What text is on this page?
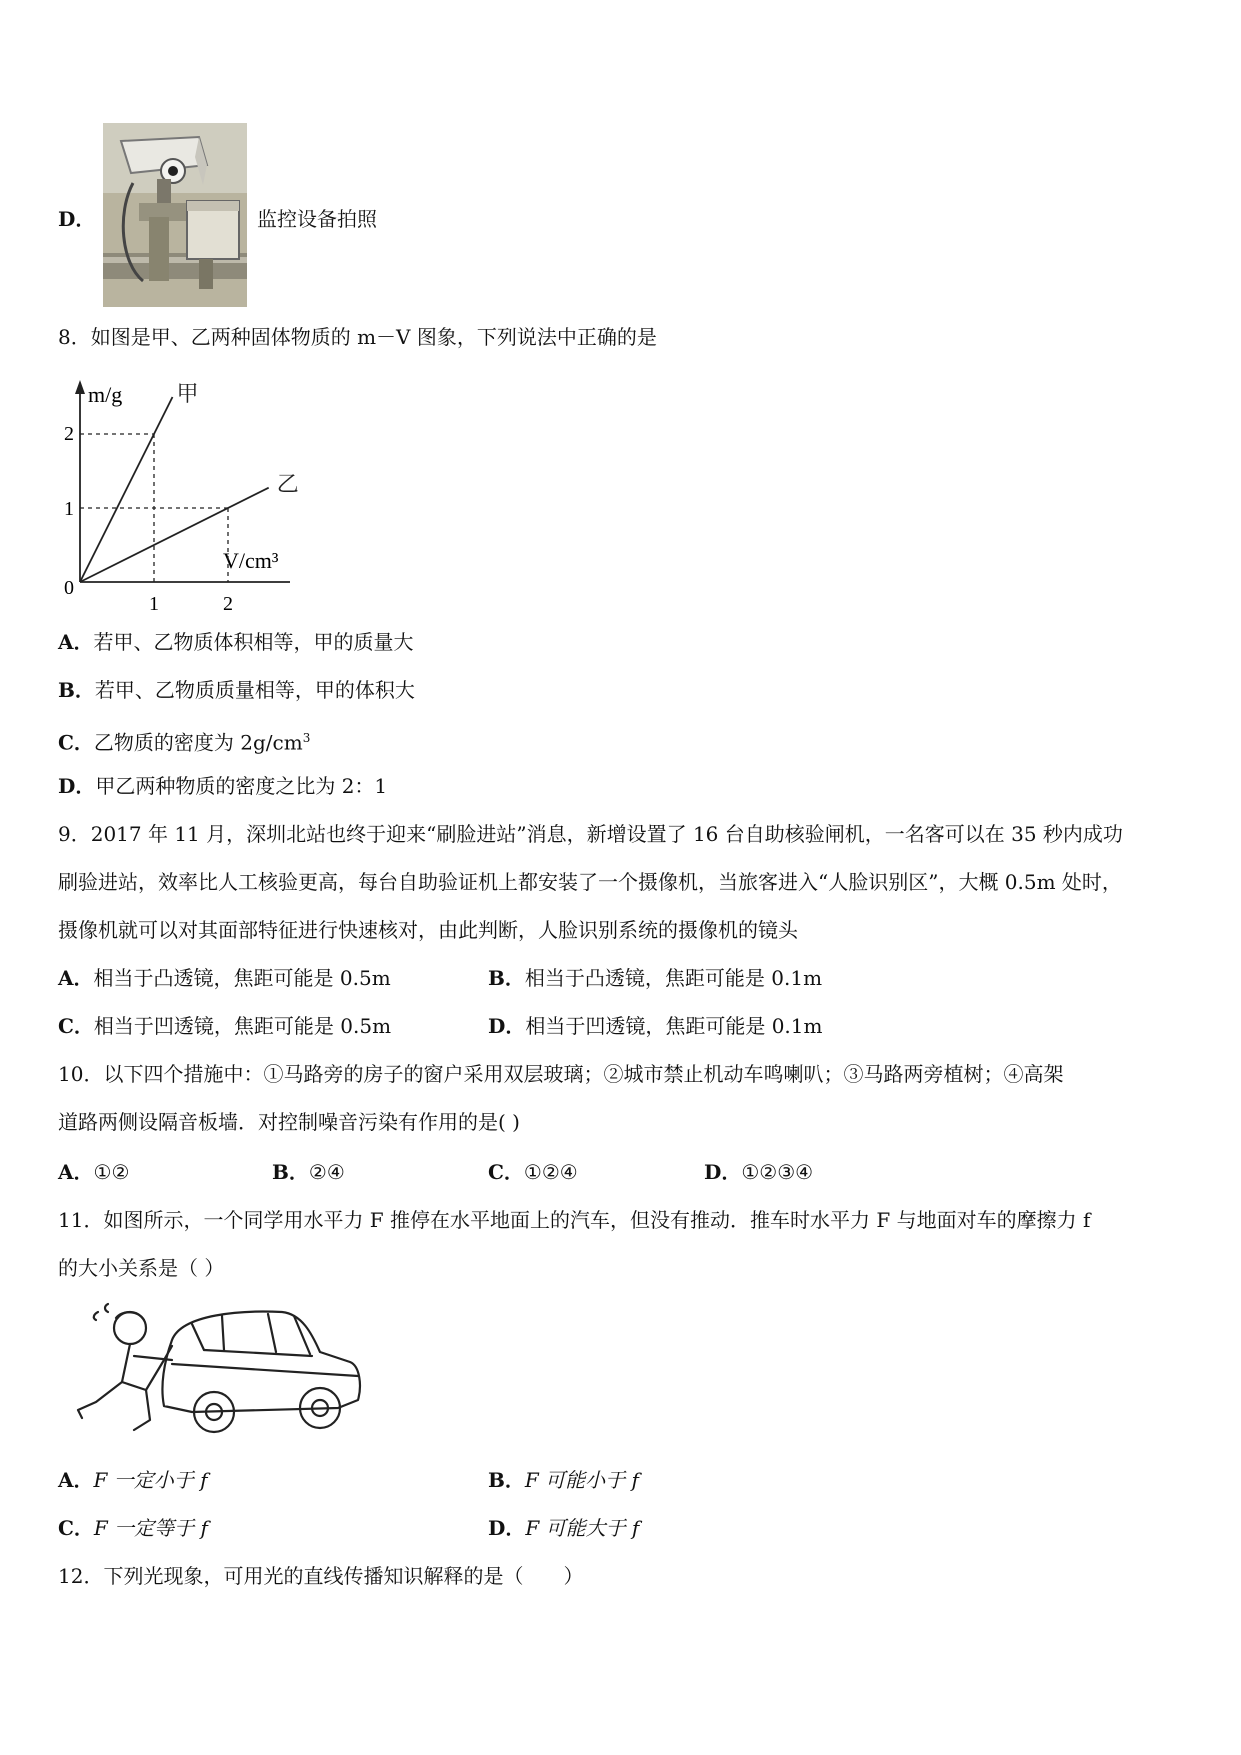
D．	监控设备拍照
8．如图是甲、乙两种固体物质的 m－V 图象，下列说法中正确的是
m/g
V/cm³
0
1	2
1
2
甲
乙
A．若甲、乙物质体积相等，甲的质量大
B．若甲、乙物质质量相等，甲的体积大
C．乙物质的密度为 $2g/cm^3$
D．甲乙两种物质的密度之比为 2：1
9．2017 年 11 月，深圳北站也终于迎来“刷脸进站”消息，新增设置了 16 台自助核验闸机，一名客可以在 35 秒内成功
刷验进站，效率比人工核验更高，每台自助验证机上都安装了一个摄像机，当旅客进入“人脸识别区”，大概 0.5m 处时，
摄像机就可以对其面部特征进行快速核对，由此判断，人脸识别系统的摄像机的镜头
A．相当于凸透镜，焦距可能是 0.5m	B．相当于凸透镜，焦距可能是 0.1m
C．相当于凹透镜，焦距可能是 0.5m	D．相当于凹透镜，焦距可能是 0.1m
10．以下四个措施中：①马路旁的房子的窗户采用双层玻璃；②城市禁止机动车鸣喇叭；③马路两旁植树；④高架
道路两侧设隔音板墙．对控制噪音污染有作用的是( )
A．①②	B．②④	C．①②④	D．①②③④
11．如图所示，一个同学用水平力 F 推停在水平地面上的汽车，但没有推动．推车时水平力 F 与地面对车的摩擦力 f
的大小关系是（ ）
A．F 一定小于 f	B．F 可能小于 f
C．F 一定等于 f	D．F 可能大于 f
12．下列光现象，可用光的直线传播知识解释的是（　　）
